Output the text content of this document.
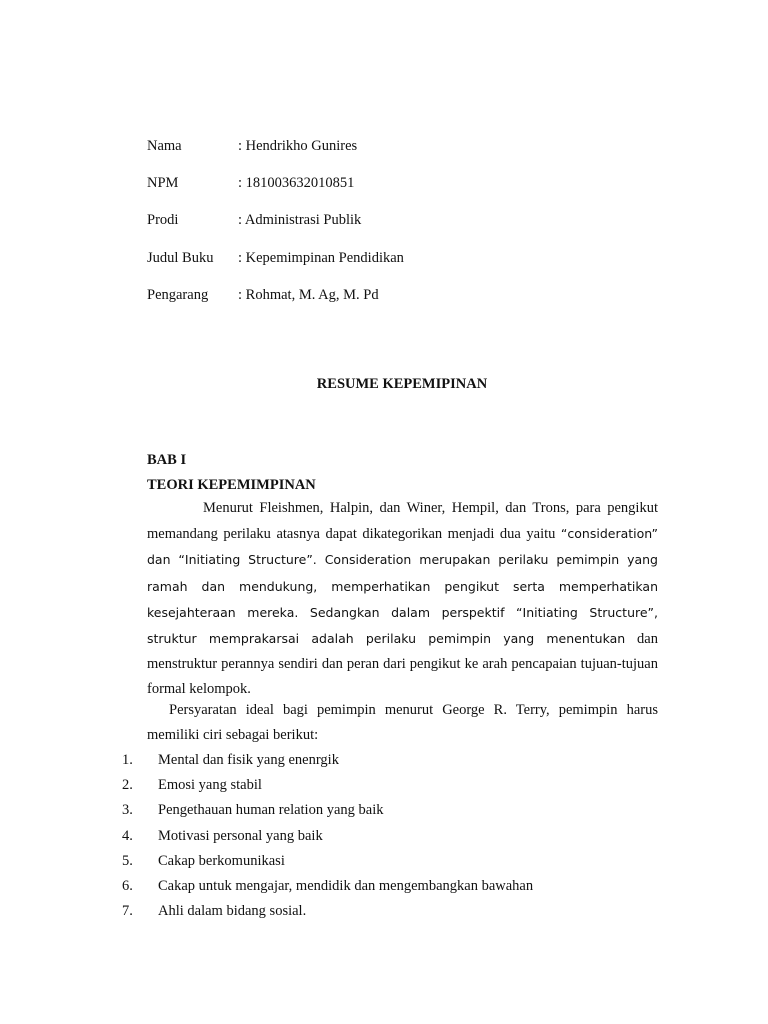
Nama	: Hendrikho Gunires
NPM	: 181003632010851
Prodi	: Administrasi Publik
Judul Buku : Kepemimpinan Pendidikan
Pengarang : Rohmat, M. Ag, M. Pd
RESUME KEPEMIPINAN
BAB I
TEORI KEPEMIMPINAN
Menurut Fleishmen, Halpin, dan Winer, Hempil, dan Trons, para pengikut memandang perilaku atasnya dapat dikategorikan menjadi dua yaitu “consideration” dan “Initiating Structure”. Consideration merupakan perilaku pemimpin yang ramah dan mendukung, memperhatikan pengikut serta memperhatikan kesejahteraan mereka. Sedangkan dalam perspektif “Initiating Structure”, struktur memprakarsai adalah perilaku pemimpin yang menentukan dan menstruktur perannya sendiri dan peran dari pengikut ke arah pencapaian tujuan-tujuan formal kelompok.
Persyaratan ideal bagi pemimpin menurut George R. Terry, pemimpin harus memiliki ciri sebagai berikut:
1. Mental dan fisik yang enenrgik
2. Emosi yang stabil
3. Pengethauan human relation yang baik
4. Motivasi personal yang baik
5. Cakap berkomunikasi
6. Cakap untuk mengajar, mendidik dan mengembangkan bawahan
7. Ahli dalam bidang sosial.
